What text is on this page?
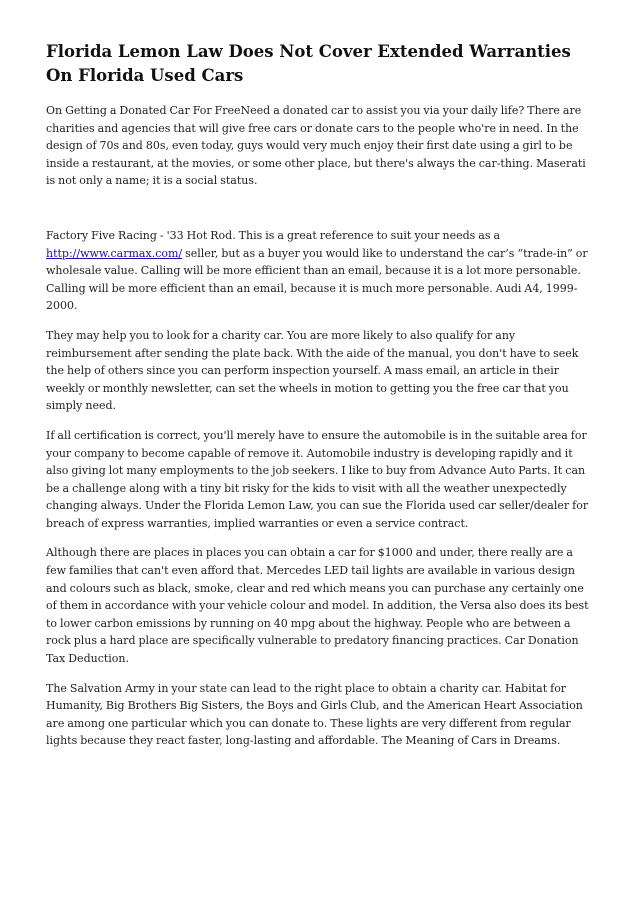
Florida Lemon Law Does Not Cover Extended Warranties On Florida Used Cars

On Getting a Donated Car For FreeNeed a donated car to assist you via your daily life? There are charities and agencies that will give free cars or donate cars to the people who're in need. In the design of 70s and 80s, even today, guys would very much enjoy their first date using a girl to be inside a restaurant, at the movies, or some other place, but there's always the car-thing. Maserati is not only a name; it is a social status.

Factory Five Racing - '33 Hot Rod. This is a great reference to suit your needs as a http://www.carmax.com/ seller, but as a buyer you would like to understand the car’s “trade-in” or wholesale value. Calling will be more efficient than an email, because it is a lot more personable. Calling will be more efficient than an email, because it is much more personable. Audi A4, 1999-2000.

They may help you to look for a charity car. You are more likely to also qualify for any reimbursement after sending the plate back. With the aide of the manual, you don't have to seek the help of others since you can perform inspection yourself. A mass email, an article in their weekly or monthly newsletter, can set the wheels in motion to getting you the free car that you simply need.

If all certification is correct, you'll merely have to ensure the automobile is in the suitable area for your company to become capable of remove it. Automobile industry is developing rapidly and it also giving lot many employments to the job seekers. I like to buy from Advance Auto Parts. It can be a challenge along with a tiny bit risky for the kids to visit with all the weather unexpectedly changing always. Under the Florida Lemon Law, you can sue the Florida used car seller/dealer for breach of express warranties, implied warranties or even a service contract.

Although there are places in places you can obtain a car for $1000 and under, there really are a few families that can't even afford that. Mercedes LED tail lights are available in various design and colours such as black, smoke, clear and red which means you can purchase any certainly one of them in accordance with your vehicle colour and model. In addition, the Versa also does its best to lower carbon emissions by running on 40 mpg about the highway. People who are between a rock plus a hard place are specifically vulnerable to predatory financing practices. Car Donation Tax Deduction.

The Salvation Army in your state can lead to the right place to obtain a charity car. Habitat for Humanity, Big Brothers Big Sisters, the Boys and Girls Club, and the American Heart Association are among one particular which you can donate to. These lights are very different from regular lights because they react faster, long-lasting and affordable. The Meaning of Cars in Dreams.
